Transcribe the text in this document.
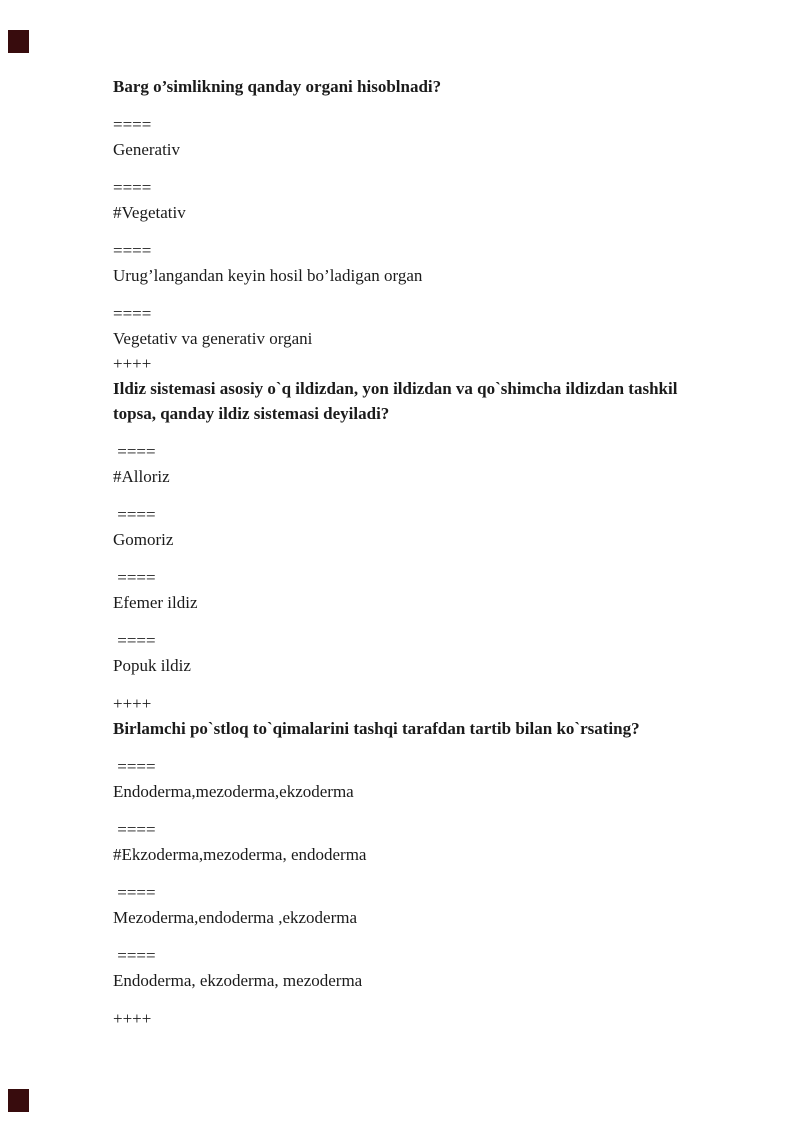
Barg o’simlikning qanday organi hisoblnadi?

====

Generativ

====

#Vegetativ

====

Urug’langandan keyin hosil bo’ladigan organ

====

Vegetativ va generativ organi

++++

Ildiz sistemasi asosiy o`q ildizdan, yon ildizdan va qo`shimcha ildizdan tashkil

topsa, qanday ildiz sistemasi deyiladi?

====

#Alloriz

====

Gomoriz

====

Efemer ildiz

====

Popuk ildiz

++++

Birlamchi po`stloq to`qimalarini tashqi tarafdan tartib bilan ko`rsating?

====

Endoderma,mezoderma,ekzoderma

====

#Ekzoderma,mezoderma, endoderma

====

Mezoderma,endoderma ,ekzoderma

====

Endoderma, ekzoderma, mezoderma

++++
